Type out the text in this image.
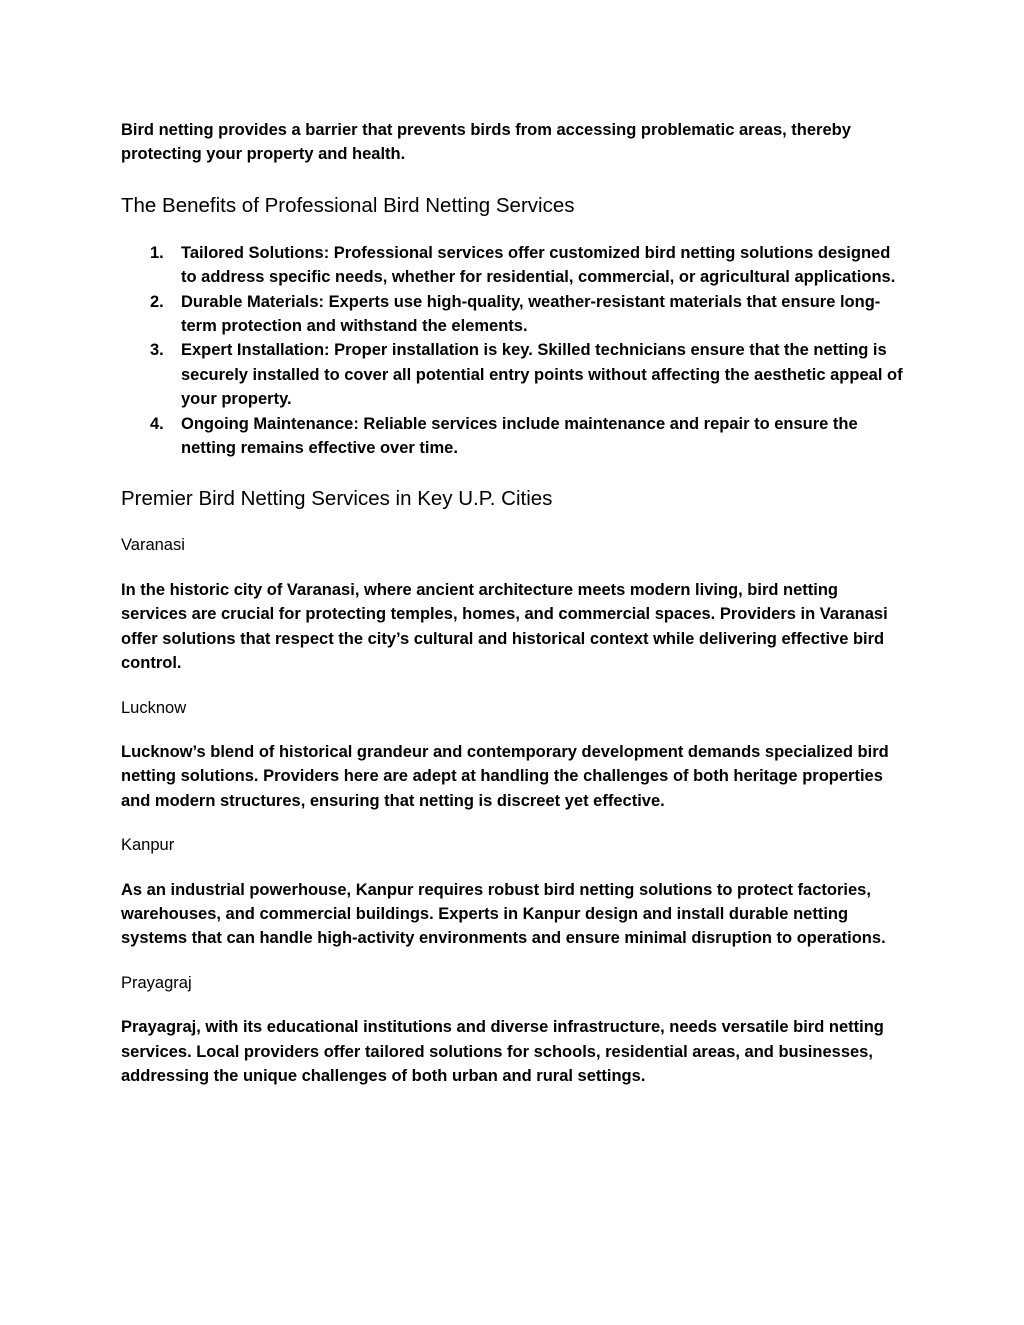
Bird netting provides a barrier that prevents birds from accessing problematic areas, thereby protecting your property and health.

The Benefits of Professional Bird Netting Services
1. Tailored Solutions: Professional services offer customized bird netting solutions designed to address specific needs, whether for residential, commercial, or agricultural applications.
2. Durable Materials: Experts use high-quality, weather-resistant materials that ensure long-term protection and withstand the elements.
3. Expert Installation: Proper installation is key. Skilled technicians ensure that the netting is securely installed to cover all potential entry points without affecting the aesthetic appeal of your property.
4. Ongoing Maintenance: Reliable services include maintenance and repair to ensure the netting remains effective over time.
Premier Bird Netting Services in Key U.P. Cities
Varanasi

In the historic city of Varanasi, where ancient architecture meets modern living, bird netting services are crucial for protecting temples, homes, and commercial spaces. Providers in Varanasi offer solutions that respect the city’s cultural and historical context while delivering effective bird control.

Lucknow

Lucknow’s blend of historical grandeur and contemporary development demands specialized bird netting solutions. Providers here are adept at handling the challenges of both heritage properties and modern structures, ensuring that netting is discreet yet effective.

Kanpur

As an industrial powerhouse, Kanpur requires robust bird netting solutions to protect factories, warehouses, and commercial buildings. Experts in Kanpur design and install durable netting systems that can handle high-activity environments and ensure minimal disruption to operations.

Prayagraj

Prayagraj, with its educational institutions and diverse infrastructure, needs versatile bird netting services. Local providers offer tailored solutions for schools, residential areas, and businesses, addressing the unique challenges of both urban and rural settings.
